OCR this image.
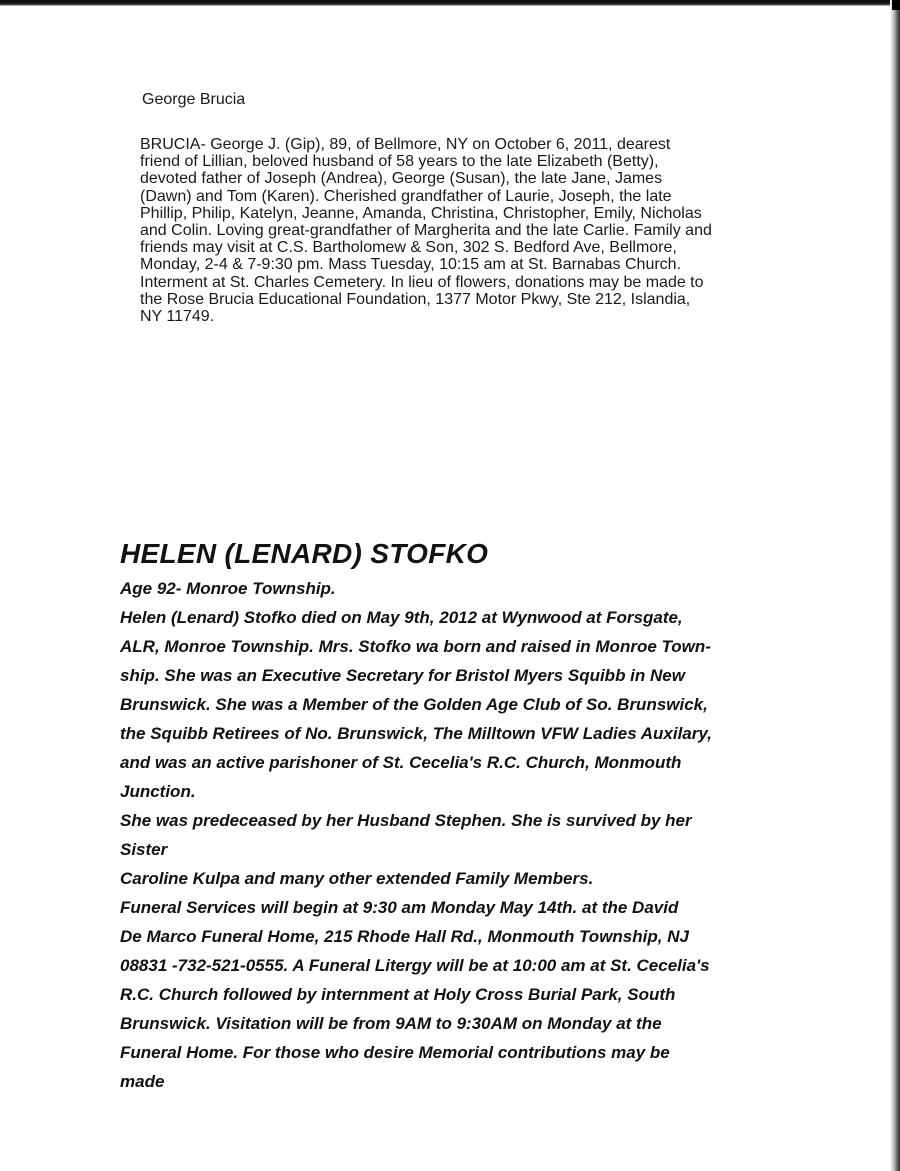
George Brucia
BRUCIA- George J. (Gip), 89, of Bellmore, NY on October 6, 2011, dearest
friend of Lillian, beloved husband of 58 years to the late Elizabeth (Betty),
devoted father of Joseph (Andrea), George (Susan), the late Jane, James
(Dawn) and Tom (Karen). Cherished grandfather of Laurie, Joseph, the late
Phillip, Philip, Katelyn, Jeanne, Amanda, Christina, Christopher, Emily, Nicholas
and Colin. Loving great-grandfather of Margherita and the late Carlie. Family and
friends may visit at C.S. Bartholomew & Son, 302 S. Bedford Ave, Bellmore,
Monday, 2-4 & 7-9:30 pm. Mass Tuesday, 10:15 am at St. Barnabas Church.
Interment at St. Charles Cemetery. In lieu of flowers, donations may be made to
the Rose Brucia Educational Foundation, 1377 Motor Pkwy, Ste 212, Islandia,
NY 11749.
HELEN (LENARD) STOFKO
Age 92- Monroe Township.
Helen (Lenard) Stofko died on May 9th, 2012 at Wynwood at Forsgate,
ALR, Monroe Township. Mrs. Stofko wa born and raised in Monroe Town-
ship. She was an Executive Secretary for Bristol Myers Squibb in New
Brunswick. She was a Member of the Golden Age Club of So. Brunswick,
the Squibb Retirees of No. Brunswick, The Milltown VFW Ladies Auxilary,
and was an active parishoner of St. Cecelia's R.C. Church, Monmouth
Junction.
She was predeceased by her Husband Stephen. She is survived by her
Sister
Caroline Kulpa and many other extended Family Members.
Funeral Services will begin at 9:30 am Monday May 14th. at the David
De Marco Funeral Home, 215 Rhode Hall Rd., Monmouth Township, NJ
08831 -732-521-0555. A Funeral Litergy will be at 10:00 am at St. Cecelia's
R.C. Church followed by internment at Holy Cross Burial Park, South
Brunswick. Visitation will be from 9AM to 9:30AM on Monday at the
Funeral Home. For those who desire Memorial contributions may be
made
